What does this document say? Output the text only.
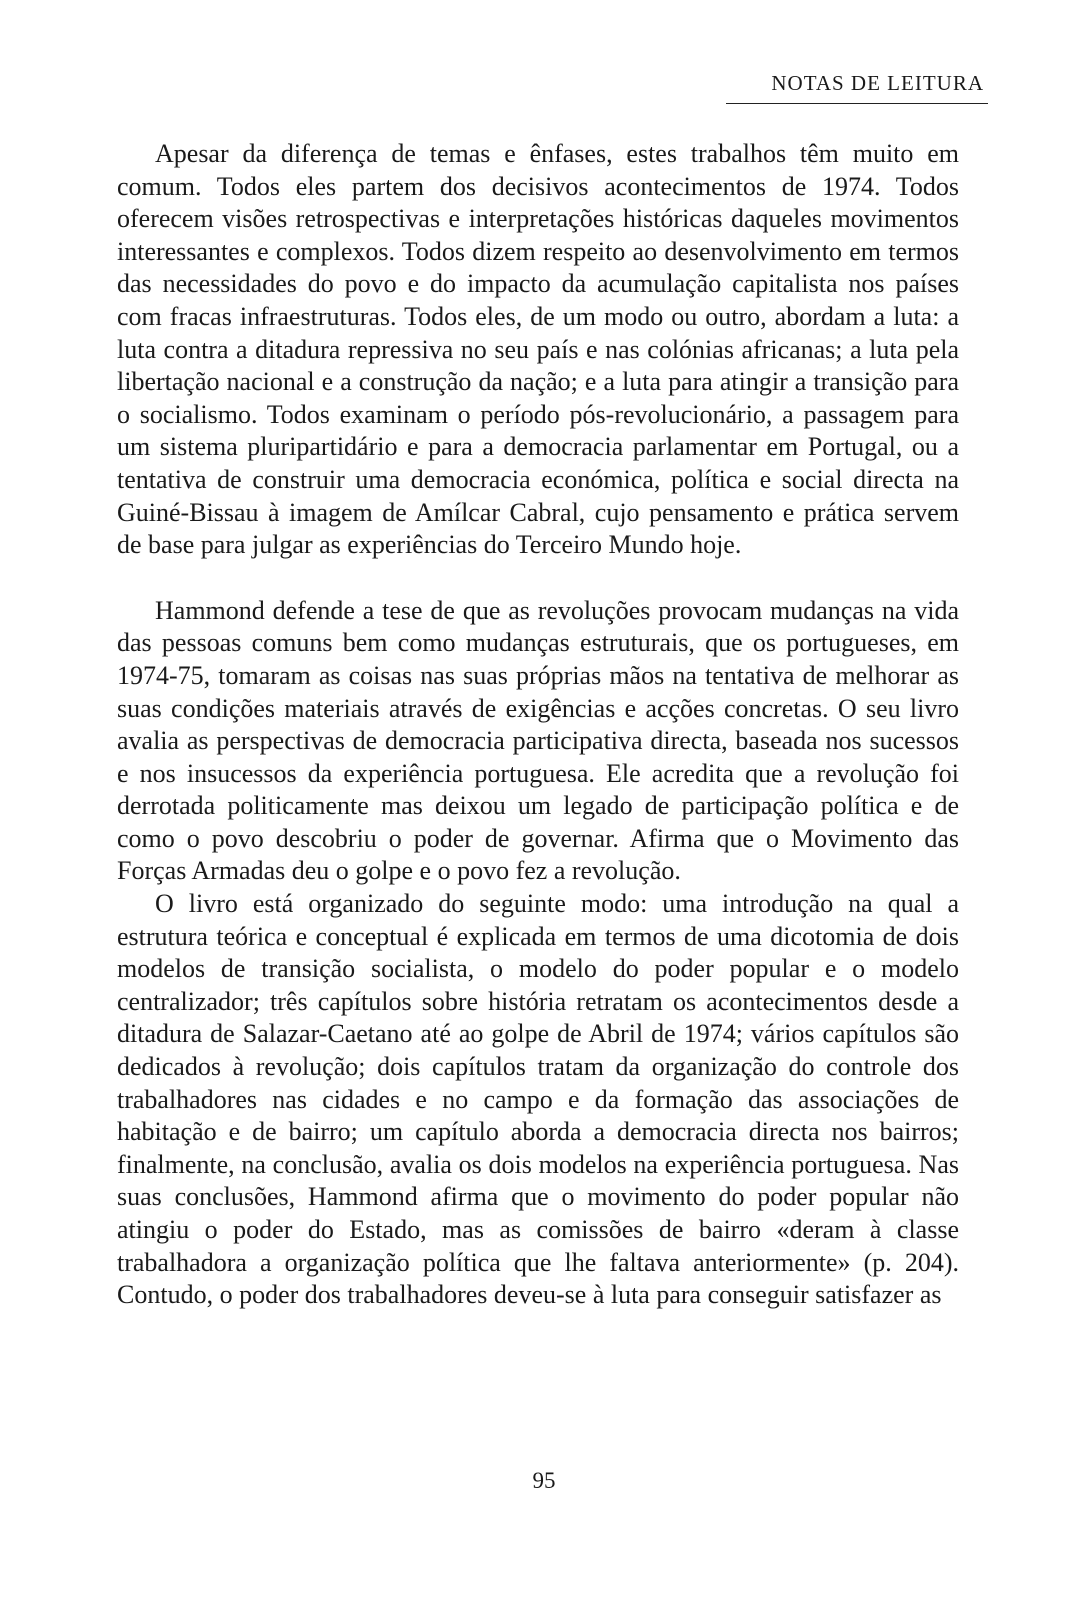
NOTAS DE LEITURA

Apesar da diferença de temas e ênfases, estes trabalhos têm muito em comum. Todos eles partem dos decisivos acontecimentos de 1974. Todos oferecem visões retrospectivas e interpretações históricas daqueles movimentos interessantes e complexos. Todos dizem respeito ao desenvolvimento em termos das necessidades do povo e do impacto da acumulação capitalista nos países com fracas infraestruturas. Todos eles, de um modo ou outro, abordam a luta: a luta contra a ditadura repressiva no seu país e nas colónias africanas; a luta pela libertação nacional e a construção da nação; e a luta para atingir a transição para o socialismo. Todos examinam o período pós-revolucionário, a passagem para um sistema pluripartidário e para a democracia parlamentar em Portugal, ou a tentativa de construir uma democracia económica, política e social directa na Guiné-Bissau à imagem de Amílcar Cabral, cujo pensamento e prática servem de base para julgar as experiências do Terceiro Mundo hoje.

Hammond defende a tese de que as revoluções provocam mudanças na vida das pessoas comuns bem como mudanças estruturais, que os portugueses, em 1974-75, tomaram as coisas nas suas próprias mãos na tentativa de melhorar as suas condições materiais através de exigências e acções concretas. O seu livro avalia as perspectivas de democracia participativa directa, baseada nos sucessos e nos insucessos da experiência portuguesa. Ele acredita que a revolução foi derrotada politicamente mas deixou um legado de participação política e de como o povo descobriu o poder de governar. Afirma que o Movimento das Forças Armadas deu o golpe e o povo fez a revolução.

O livro está organizado do seguinte modo: uma introdução na qual a estrutura teórica e conceptual é explicada em termos de uma dicotomia de dois modelos de transição socialista, o modelo do poder popular e o modelo centralizador; três capítulos sobre história retratam os acontecimentos desde a ditadura de Salazar-Caetano até ao golpe de Abril de 1974; vários capítulos são dedicados à revolução; dois capítulos tratam da organização do controle dos trabalhadores nas cidades e no campo e da formação das associações de habitação e de bairro; um capítulo aborda a democracia directa nos bairros; finalmente, na conclusão, avalia os dois modelos na experiência portuguesa. Nas suas conclusões, Hammond afirma que o movimento do poder popular não atingiu o poder do Estado, mas as comissões de bairro «deram à classe trabalhadora a organização política que lhe faltava anteriormente» (p. 204). Contudo, o poder dos trabalhadores deveu-se à luta para conseguir satisfazer as

95
